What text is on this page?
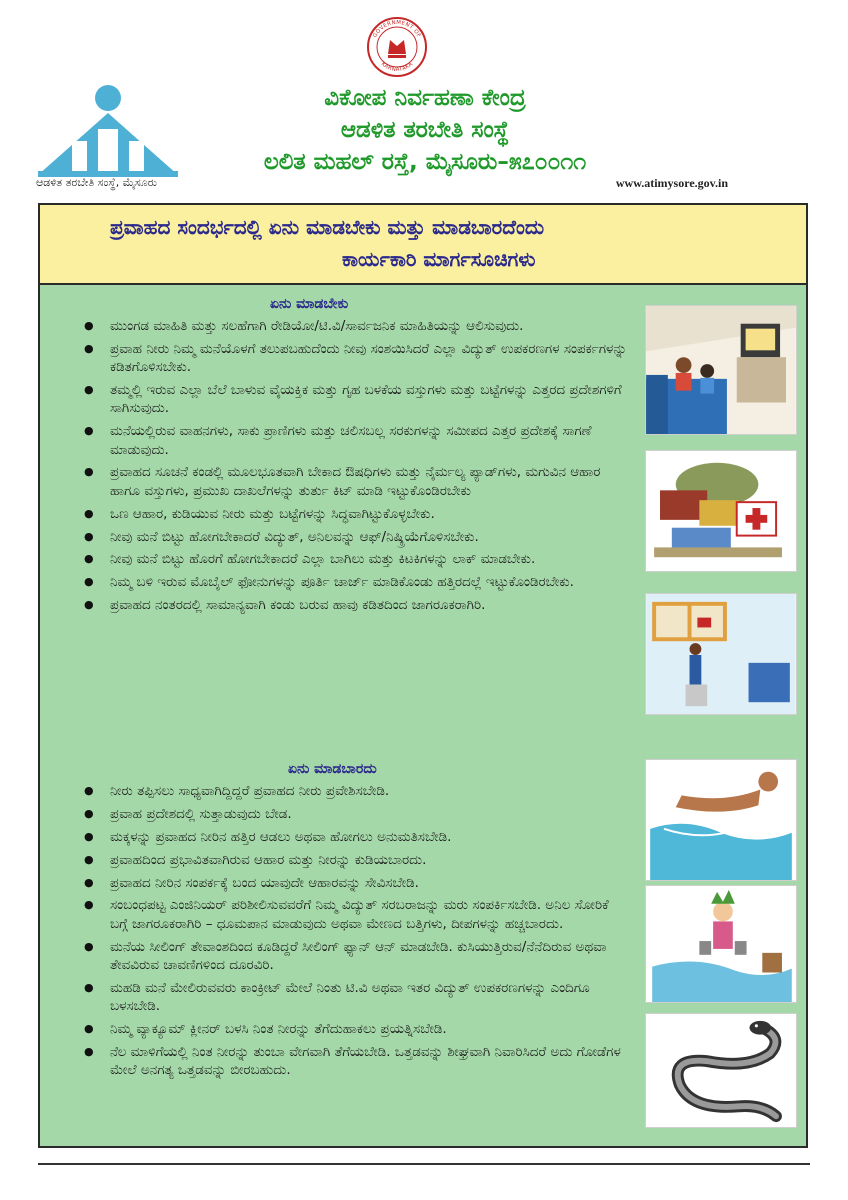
ಆಡಳಿತ ತರಬೇತಿ ಸಂಸ್ಥೆ, ಮೈಸೂರು
GOVERNMENT OF
KARNATAKA
ವಿಕೋಪ ನಿರ್ವಹಣಾ ಕೇಂದ್ರ
ಆಡಳಿತ ತರಬೇತಿ ಸಂಸ್ಥೆ
ಲಲಿತ ಮಹಲ್ ರಸ್ತೆ, ಮೈಸೂರು–೫೭೦೦೧೧
www.atimysore.gov.in
ಪ್ರವಾಹದ ಸಂದರ್ಭದಲ್ಲಿ ಏನು ಮಾಡಬೇಕು ಮತ್ತು ಮಾಡಬಾರದೆಂದು
ಕಾರ್ಯಕಾರಿ ಮಾರ್ಗಸೂಚಿಗಳು
ಏನು ಮಾಡಬೇಕು
● ಮುಂಗಡ ಮಾಹಿತಿ ಮತ್ತು ಸಲಹೆಗಾಗಿ ರೇಡಿಯೋ/ಟಿ.ವಿ/ಸಾರ್ವಜನಿಕ ಮಾಹಿತಿಯನ್ನು ಆಲಿಸುವುದು.
● ಪ್ರವಾಹ ನೀರು ನಿಮ್ಮ ಮನೆಯೊಳಗೆ ತಲುಪಬಹುದೆಂದು ನೀವು ಸಂಶಯಿಸಿದರೆ ಎಲ್ಲಾ ವಿದ್ಯುತ್ ಉಪಕರಣಗಳ ಸಂಪರ್ಕಗಳನ್ನು ಕಡಿತಗೊಳಿಸಬೇಕು.
● ತಮ್ಮಲ್ಲಿ ಇರುವ ಎಲ್ಲಾ ಬೆಲೆ ಬಾಳುವ ವೈಯಕ್ತಿಕ ಮತ್ತು ಗೃಹ ಬಳಕೆಯ ವಸ್ತುಗಳು ಮತ್ತು ಬಟ್ಟೆಗಳನ್ನು ಎತ್ತರದ ಪ್ರದೇಶಗಳಿಗೆ ಸಾಗಿಸುವುದು.
● ಮನೆಯಲ್ಲಿರುವ ವಾಹನಗಳು, ಸಾಕು ಪ್ರಾಣಿಗಳು ಮತ್ತು ಚಲಿಸಬಲ್ಲ ಸರಕುಗಳನ್ನು ಸಮೀಪದ ಎತ್ತರ ಪ್ರದೇಶಕ್ಕೆ ಸಾಗಣೆ ಮಾಡುವುದು.
● ಪ್ರವಾಹದ ಸೂಚನೆ ಕಂಡಲ್ಲಿ ಮೂಲಭೂತವಾಗಿ ಬೇಕಾದ ಔಷಧಿಗಳು ಮತ್ತು ನೈರ್ಮಲ್ಯ ಪ್ಯಾಡ್‌ಗಳು, ಮಗುವಿನ ಆಹಾರ ಹಾಗೂ ವಸ್ತುಗಳು, ಪ್ರಮುಖ ದಾಖಲೆಗಳನ್ನು ತುರ್ತು ಕಿಟ್ ಮಾಡಿ ಇಟ್ಟುಕೊಂಡಿರಬೇಕು
● ಒಣ ಆಹಾರ, ಕುಡಿಯುವ ನೀರು ಮತ್ತು ಬಟ್ಟೆಗಳನ್ನು ಸಿದ್ಧವಾಗಿಟ್ಟುಕೊಳ್ಳಬೇಕು.
● ನೀವು ಮನೆ ಬಿಟ್ಟು ಹೋಗಬೇಕಾದರೆ ವಿದ್ಯುತ್, ಅನಿಲವನ್ನು ಆಫ್/ನಿಷ್ಕ್ರಿಯೆಗೊಳಿಸಬೇಕು.
● ನೀವು ಮನೆ ಬಿಟ್ಟು ಹೊರಗೆ ಹೋಗಬೇಕಾದರೆ ಎಲ್ಲಾ ಬಾಗಿಲು ಮತ್ತು ಕಿಟಕಿಗಳನ್ನು ಲಾಕ್ ಮಾಡಬೇಕು.
● ನಿಮ್ಮ ಬಳಿ ಇರುವ ಮೊಬೈಲ್ ಫೋನುಗಳನ್ನು ಪೂರ್ತಿ ಚಾರ್ಜ್ ಮಾಡಿಕೊಂಡು ಹತ್ತಿರದಲ್ಲೆ ಇಟ್ಟುಕೊಂಡಿರಬೇಕು.
● ಪ್ರವಾಹದ ನಂತರದಲ್ಲಿ ಸಾಮಾನ್ಯವಾಗಿ ಕಂಡು ಬರುವ ಹಾವು ಕಡಿತದಿಂದ ಜಾಗರೂಕರಾಗಿರಿ.
ಏನು ಮಾಡಬಾರದು
● ನೀರು ತಪ್ಪಿಸಲು ಸಾಧ್ಯವಾಗಿದ್ದಿದ್ದರೆ ಪ್ರವಾಹದ ನೀರು ಪ್ರವೇಶಿಸಬೇಡಿ.
● ಪ್ರವಾಹ ಪ್ರದೇಶದಲ್ಲಿ ಸುತ್ತಾಡುವುದು ಬೇಡ.
● ಮಕ್ಕಳನ್ನು ಪ್ರವಾಹದ ನೀರಿನ ಹತ್ತಿರ ಆಡಲು ಅಥವಾ ಹೋಗಲು ಅನುಮತಿಸಬೇಡಿ.
● ಪ್ರವಾಹದಿಂದ ಪ್ರಭಾವಿತವಾಗಿರುವ ಆಹಾರ ಮತ್ತು ನೀರನ್ನು ಕುಡಿಯಬಾರದು.
● ಪ್ರವಾಹದ ನೀರಿನ ಸಂಪರ್ಕಕ್ಕೆ ಬಂದ ಯಾವುದೇ ಆಹಾರವನ್ನು ಸೇವಿಸಬೇಡಿ.
● ಸಂಬಂಧಪಟ್ಟ ಎಂಜಿನಿಯರ್ ಪರಿಶೀಲಿಸುವವರೆಗೆ ನಿಮ್ಮ ವಿದ್ಯುತ್ ಸರಬರಾಜನ್ನು ಮರು ಸಂಪರ್ಕಿಸಬೇಡಿ. ಅನಿಲ ಸೋರಿಕೆ ಬಗ್ಗೆ ಜಾಗರೂಕರಾಗಿರಿ – ಧೂಮಪಾನ ಮಾಡುವುದು ಅಥವಾ ಮೇಣದ ಬತ್ತಿಗಳು, ದೀಪಗಳನ್ನು ಹಚ್ಚಬಾರದು.
● ಮನೆಯ ಸೀಲಿಂಗ್ ತೇವಾಂಶದಿಂದ ಕೂಡಿದ್ದರೆ ಸೀಲಿಂಗ್ ಫ್ಯಾನ್ ಆನ್ ಮಾಡಬೇಡಿ. ಕುಸಿಯುತ್ತಿರುವ/ನೆನೆದಿರುವ ಅಥವಾ ತೇವವಿರುವ ಚಾವಣಿಗಳಿಂದ ದೂರವಿರಿ.
● ಮಹಡಿ ಮನೆ ಮೇಲಿರುವವರು ಕಾಂಕ್ರೀಟ್ ಮೇಲೆ ನಿಂತು ಟಿ.ವಿ ಅಥವಾ ಇತರ ವಿದ್ಯುತ್ ಉಪಕರಣಗಳನ್ನು ಎಂದಿಗೂ ಬಳಸಬೇಡಿ.
● ನಿಮ್ಮ ವ್ಯಾಕ್ಯೂಮ್ ಕ್ಲೀನರ್ ಬಳಸಿ ನಿಂತ ನೀರನ್ನು ತೆಗೆದುಹಾಕಲು ಪ್ರಯತ್ನಿಸಬೇಡಿ.
● ನೆಲ ಮಾಳಿಗೆಯಲ್ಲಿ ನಿಂತ ನೀರನ್ನು ತುಂಬಾ ವೇಗವಾಗಿ ತೆಗೆಯಬೇಡಿ. ಒತ್ತಡವನ್ನು ಶೀಘ್ರವಾಗಿ ನಿವಾರಿಸಿದರೆ ಅದು ಗೋಡೆಗಳ ಮೇಲೆ ಅನಗತ್ಯ ಒತ್ತಡವನ್ನು ಬೀರಬಹುದು.
